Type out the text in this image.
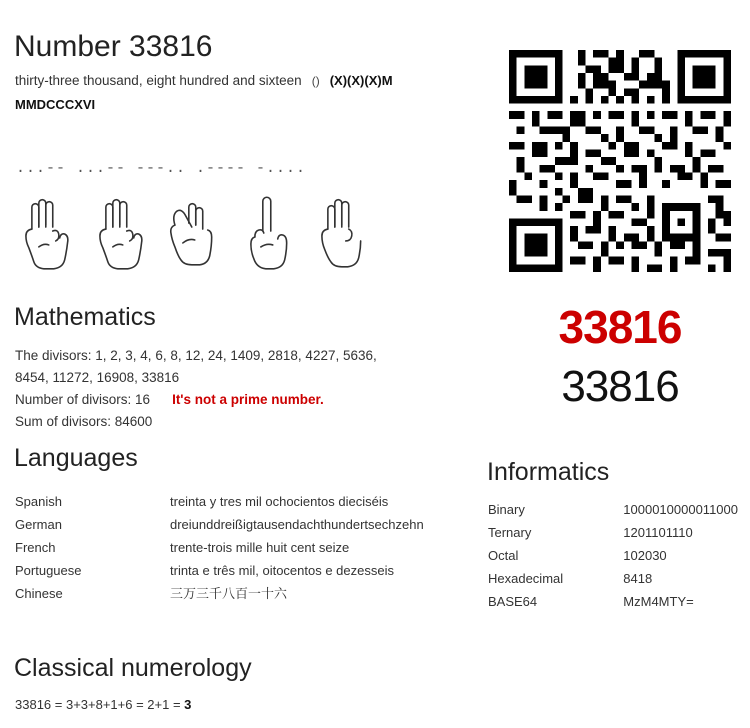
Number 33816
thirty-three thousand, eight hundred and sixteen () (X)(X)(X)M
MMDCCCXVI
...-- ...-- ---.. .---- -....
33816
33816
Mathematics
The divisors: 1, 2, 3, 4, 6, 8, 12, 24, 1409, 2818, 4227, 5636,
8454, 11272, 16908, 33816
Number of divisors: 16 It's not a prime number.
Sum of divisors: 84600
Languages
Spanish	treinta y tres mil ochocientos dieciséis
German	dreiunddreißigtausendachthundertsechzehn
French	trente-trois mille huit cent seize
Portuguese	trinta e três mil, oitocentos e dezesseis
Chinese	三万三千八百一十六
Informatics
Binary	1000010000011000
Ternary	1201101110
Octal	102030
Hexadecimal	8418
BASE64	MzM4MTY=
Classical numerology
33816 = 3+3+8+1+6 = 2+1 = 3
